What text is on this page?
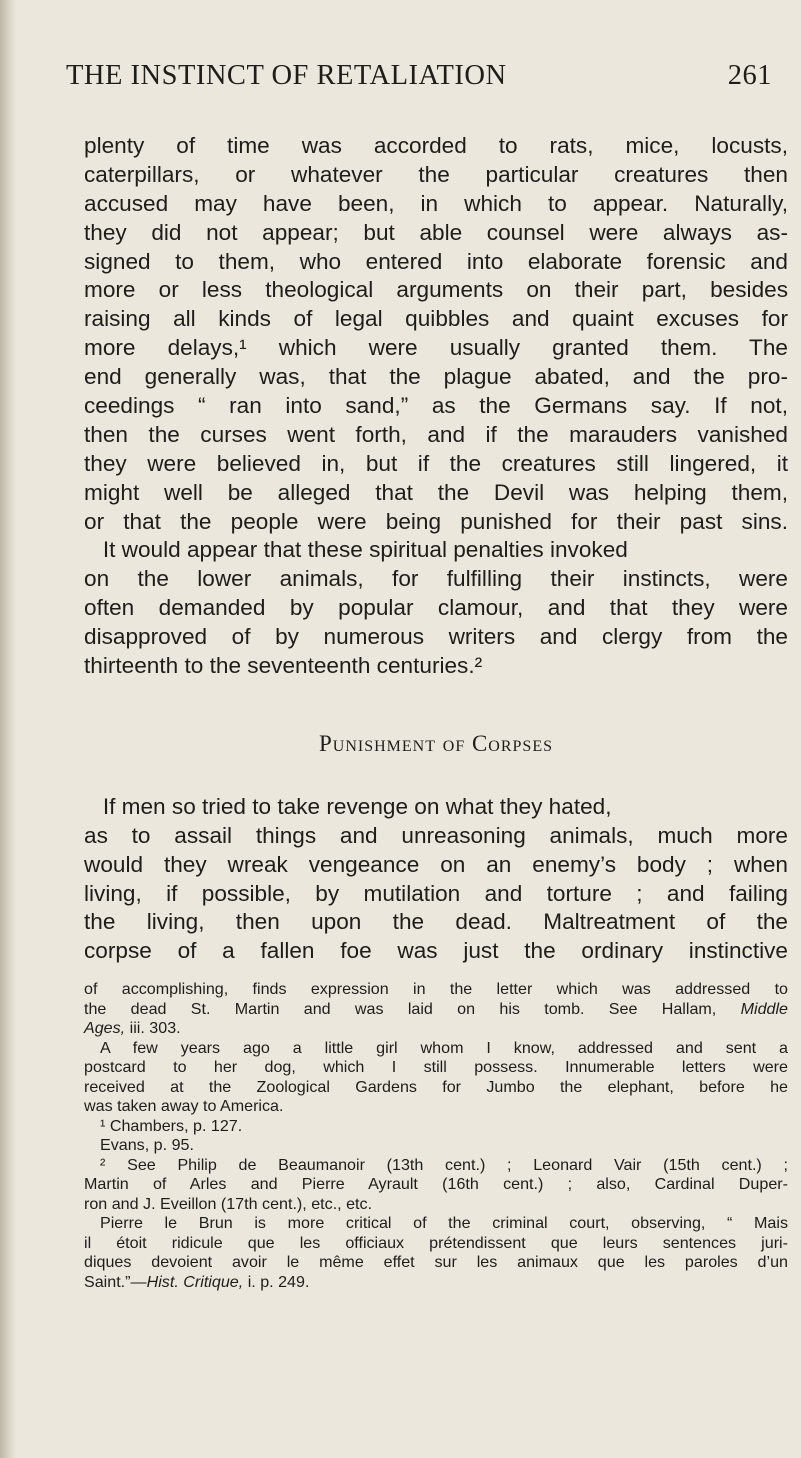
THE INSTINCT OF RETALIATION	261
plenty of time was accorded to rats, mice, locusts,
caterpillars, or whatever the particular creatures then
accused may have been, in which to appear. Naturally,
they did not appear; but able counsel were always as-
signed to them, who entered into elaborate forensic and
more or less theological arguments on their part, besides
raising all kinds of legal quibbles and quaint excuses for
more delays,¹ which were usually granted them. The
end generally was, that the plague abated, and the pro-
ceedings “ ran into sand,” as the Germans say. If not,
then the curses went forth, and if the marauders vanished
they were believed in, but if the creatures still lingered, it
might well be alleged that the Devil was helping them,
or that the people were being punished for their past sins.
It would appear that these spiritual penalties invoked
on the lower animals, for fulfilling their instincts, were
often demanded by popular clamour, and that they were
disapproved of by numerous writers and clergy from the
thirteenth to the seventeenth centuries.²
Punishment of Corpses
If men so tried to take revenge on what they hated,
as to assail things and unreasoning animals, much more
would they wreak vengeance on an enemy’s body ; when
living, if possible, by mutilation and torture ; and failing
the living, then upon the dead. Maltreatment of the
corpse of a fallen foe was just the ordinary instinctive
of accomplishing, finds expression in the letter which was addressed to
the dead St. Martin and was laid on his tomb. See Hallam, Middle
Ages, iii. 303.
A few years ago a little girl whom I know, addressed and sent a
postcard to her dog, which I still possess. Innumerable letters were
received at the Zoological Gardens for Jumbo the elephant, before he
was taken away to America.
¹ Chambers, p. 127.
Evans, p. 95.
² See Philip de Beaumanoir (13th cent.) ; Leonard Vair (15th cent.) ;
Martin of Arles and Pierre Ayrault (16th cent.) ; also, Cardinal Duper-
ron and J. Eveillon (17th cent.), etc., etc.
Pierre le Brun is more critical of the criminal court, observing, “ Mais
il étoit ridicule que les officiaux prétendissent que leurs sentences juri-
diques devoient avoir le même effet sur les animaux que les paroles d’un
Saint.”—Hist. Critique, i. p. 249.
